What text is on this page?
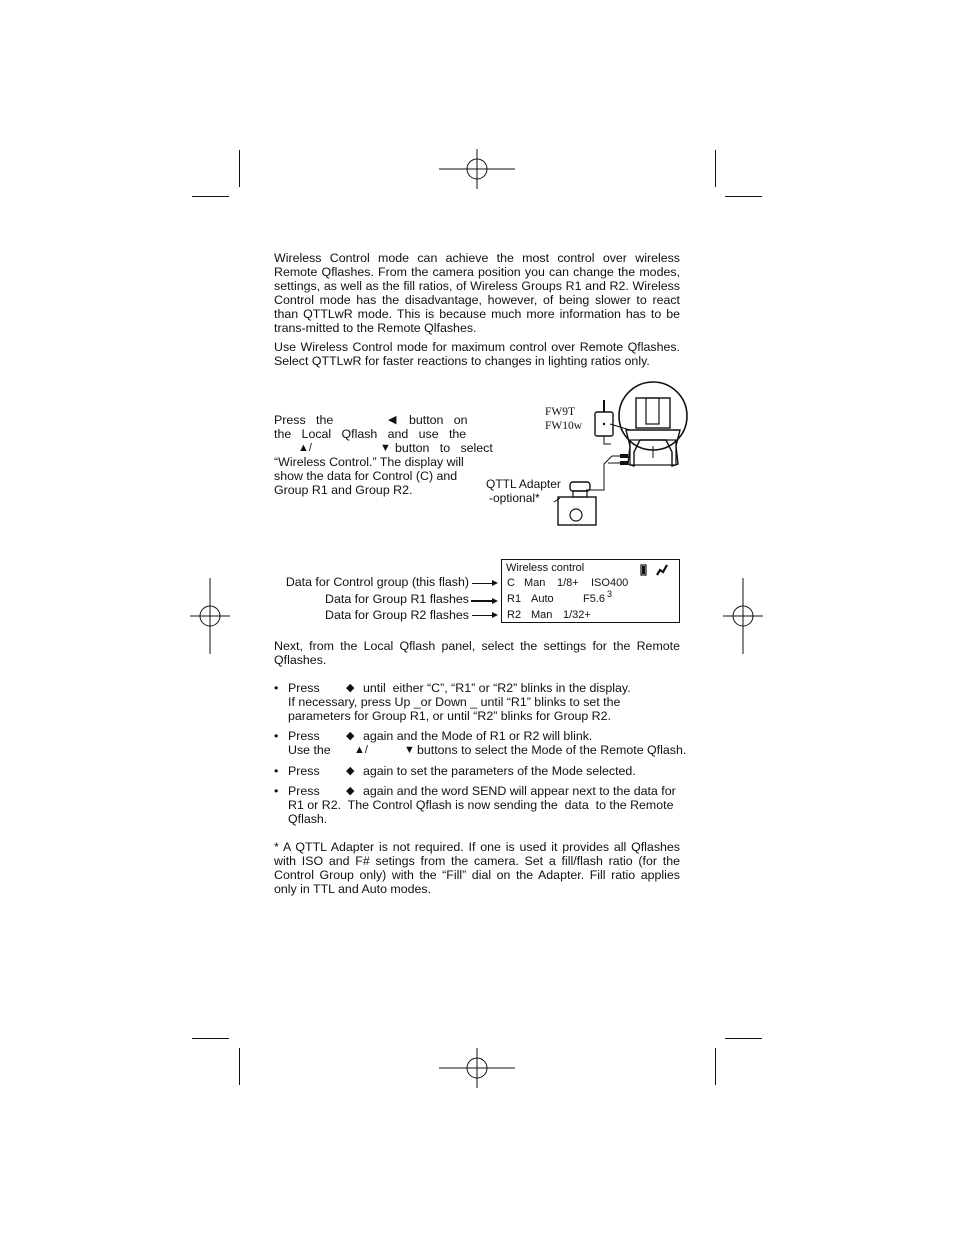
Wireless Control mode can achieve the most control over wireless Remote Qflashes. From the camera position you can change the modes, settings, as well as the fill ratios, of Wireless Groups R1 and R2. Wireless Control mode has the disadvantage, however, of being slower to react than QTTLwR mode. This is because much more information has to be trans-mitted to the Remote Qlfashes.

Use Wireless Control mode for maximum control over Remote Qflashes. Select QTTLwR for faster reactions to changes in lighting ratios only.

Press   the	◀ button   on
the   Local   Qflash   and   use   the
▲/	▼ button   to   select
“Wireless Control.” The display will
show the data for Control (C) and
Group R1 and Group R2.
FW9T
FW10w
QTTL Adapter
-optional*
Data for Control group (this flash)
Data for Group R1 flashes
Data for Group R2 flashes
Wireless control
C Man 1/8+ ISO400
R1 Auto	F5.6 3
R2 Man 1/32+

Next, from the Local Qflash panel, select the settings for the Remote Qflashes.

• Press ◆ until  either “C”, “R1” or “R2” blinks in the display.
If necessary, press Up _or Down _ until “R1” blinks to set the
parameters for Group R1, or until “R2” blinks for Group R2.
• Press ◆ again and the Mode of R1 or R2 will blink.
Use the ▲/	▼ buttons to select the Mode of the Remote Qflash.
• Press ◆ again to set the parameters of the Mode selected.
• Press ◆ again and the word SEND will appear next to the data for
R1 or R2.  The Control Qflash is now sending the  data  to the Remote
Qflash.

* A QTTL Adapter is not required. If one is used it provides all Qflashes with ISO and F# setings from the camera. Set a fill/flash ratio (for the Control Group only) with the “Fill” dial on the Adapter. Fill ratio applies only in TTL and Auto modes.
